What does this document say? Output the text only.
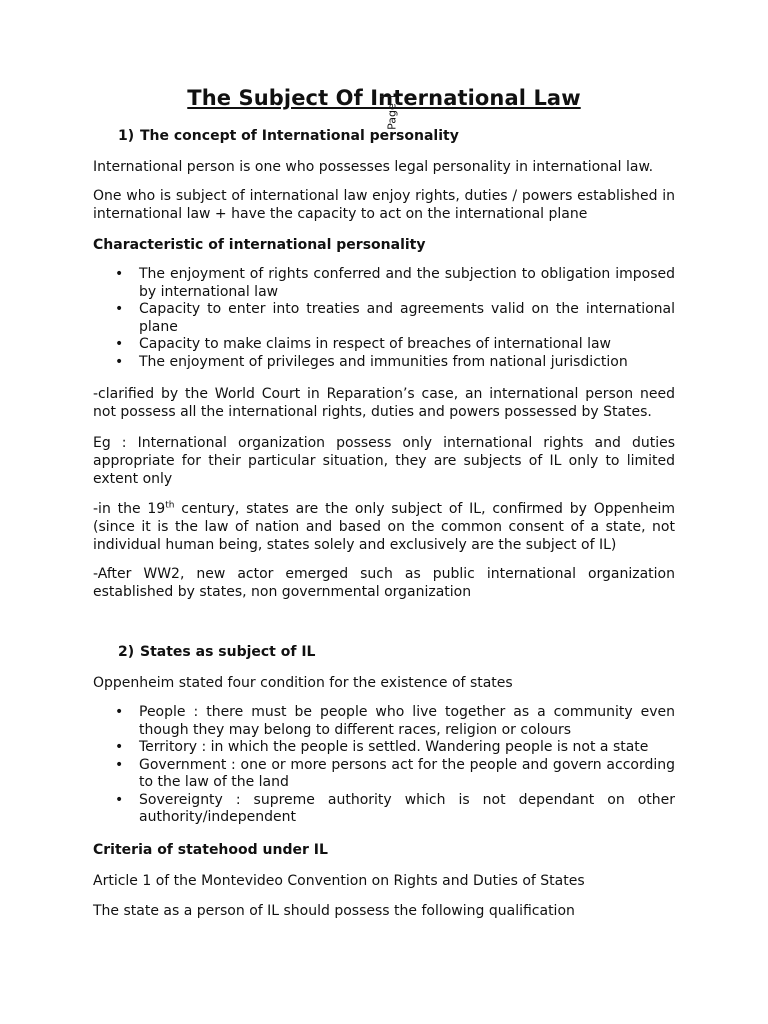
The Subject Of International Law
Page
1) The concept of International personality
International person is one who possesses legal personality in international law.
One who is subject of international law enjoy rights, duties / powers established in international law + have the capacity to act on the international plane
Characteristic of international personality
• The enjoyment of rights conferred and the subjection to obligation imposed by international law
• Capacity to enter into treaties and agreements valid on the international plane
• Capacity to make claims in respect of breaches of international law
• The enjoyment of privileges and immunities from national jurisdiction
-clarified by the World Court in Reparation’s case, an international person need not possess all the international rights, duties and powers possessed by States.
Eg : International organization possess only international rights and duties appropriate for their particular situation, they are subjects of IL only to limited extent only
-in the 19th century, states are the only subject of IL, confirmed by Oppenheim (since it is the law of nation and based on the common consent of a state, not individual human being, states solely and exclusively are the subject of IL)
-After WW2, new actor emerged such as public international organization established by states, non governmental organization
2) States as subject of IL
Oppenheim stated four condition for the existence of states
• People : there must be people who live together as a community even though they may belong to different races, religion or colours
• Territory : in which the people is settled. Wandering people is not a state
• Government : one or more persons act for the people and govern according to the law of the land
• Sovereignty : supreme authority which is not dependant on other authority/independent
Criteria of statehood under IL
Article 1 of the Montevideo Convention on Rights and Duties of States
The state as a person of IL should possess the following qualification
